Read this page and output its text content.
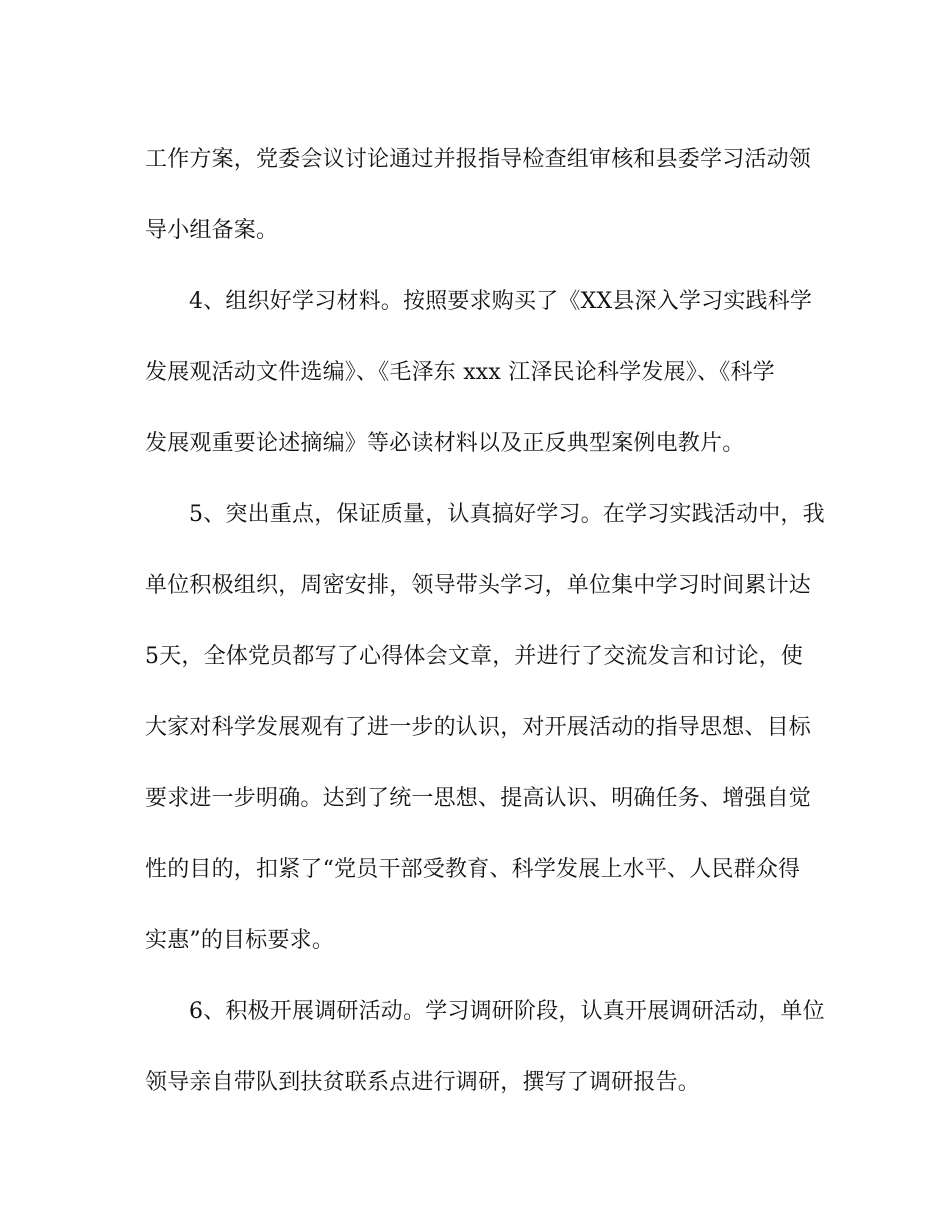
工作方案，党委会议讨论通过并报指导检查组审核和县委学习活动领
导小组备案。
4、组织好学习材料。按照要求购买了《XX县深入学习实践科学
发展观活动文件选编》、《毛泽东 xxx 江泽民论科学发展》、《科学
发展观重要论述摘编》等必读材料以及正反典型案例电教片。
5、突出重点，保证质量，认真搞好学习。在学习实践活动中，我
单位积极组织，周密安排，领导带头学习，单位集中学习时间累计达
5天，全体党员都写了心得体会文章，并进行了交流发言和讨论，使
大家对科学发展观有了进一步的认识，对开展活动的指导思想、目标
要求进一步明确。达到了统一思想、提高认识、明确任务、增强自觉
性的目的，扣紧了“党员干部受教育、科学发展上水平、人民群众得
实惠”的目标要求。
6、积极开展调研活动。学习调研阶段，认真开展调研活动，单位
领导亲自带队到扶贫联系点进行调研，撰写了调研报告。
